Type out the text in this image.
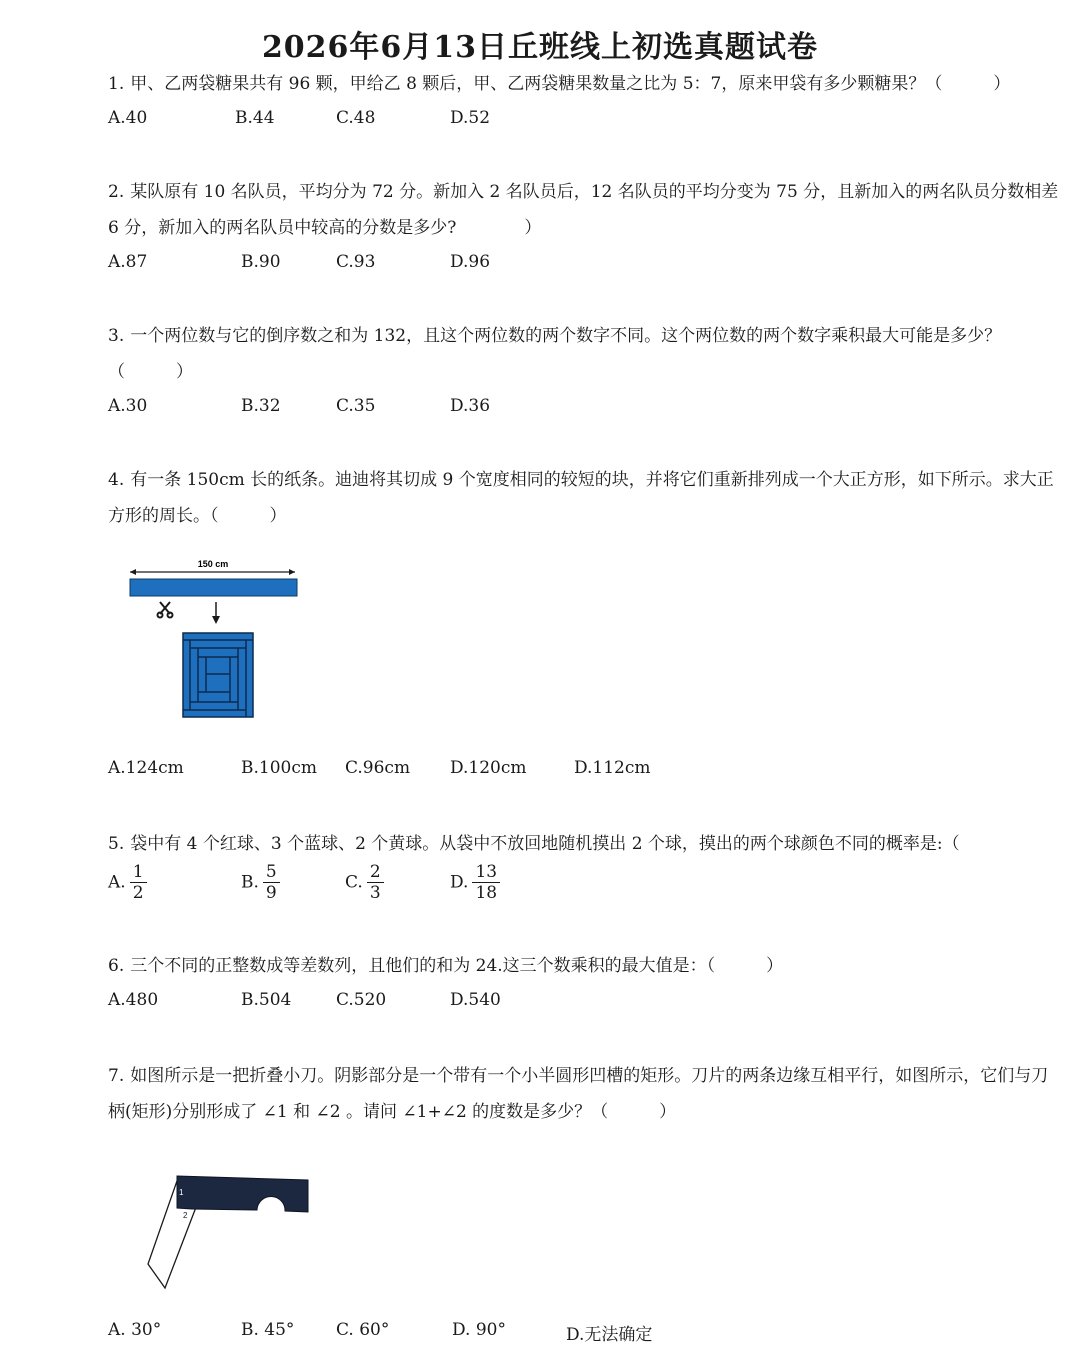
2026年6月13日丘班线上初选真题试卷
1. 甲、乙两袋糖果共有 96 颗，甲给乙 8 颗后，甲、乙两袋糖果数量之比为 5：7，原来甲袋有多少颗糖果？（　　　）
A.40	B.44	C.48	D.52
2. 某队原有 10 名队员，平均分为 72 分。新加入 2 名队员后，12 名队员的平均分变为 75 分，且新加入的两名队员分数相差 6 分，新加入的两名队员中较高的分数是多少?　　　　）
A.87	B.90	C.93	D.96
3. 一个两位数与它的倒序数之和为 132，且这个两位数的两个数字不同。这个两位数的两个数字乘积最大可能是多少？（　　　）
A.30	B.32	C.35	D.36
4. 有一条 150cm 长的纸条。迪迪将其切成 9 个宽度相同的较短的块，并将它们重新排列成一个大正方形，如下所示。求大正方形的周长。（　　　）
150 cm
A.124cm	B.100cm C.96cm D.120cm	D.112cm
5. 袋中有 4 个红球、3 个蓝球、2 个黄球。从袋中不放回地随机摸出 2 个球，摸出的两个球颜色不同的概率是:（
A. $\frac{1}{2}$	B. $\frac{5}{9}$	C. $\frac{2}{3}$	D. $\frac{13}{18}$
6. 三个不同的正整数成等差数列，且他们的和为 24.这三个数乘积的最大值是：（　　　）
A.480	B.504	C.520	D.540
7. 如图所示是一把折叠小刀。阴影部分是一个带有一个小半圆形凹槽的矩形。刀片的两条边缘互相平行，如图所示，它们与刀柄(矩形)分别形成了 ∠1 和 ∠2 。请问 ∠1+∠2 的度数是多少？（　　　）
1
2
A. 30°	B. 45° C. 60°	D. 90°	D.无法确定
